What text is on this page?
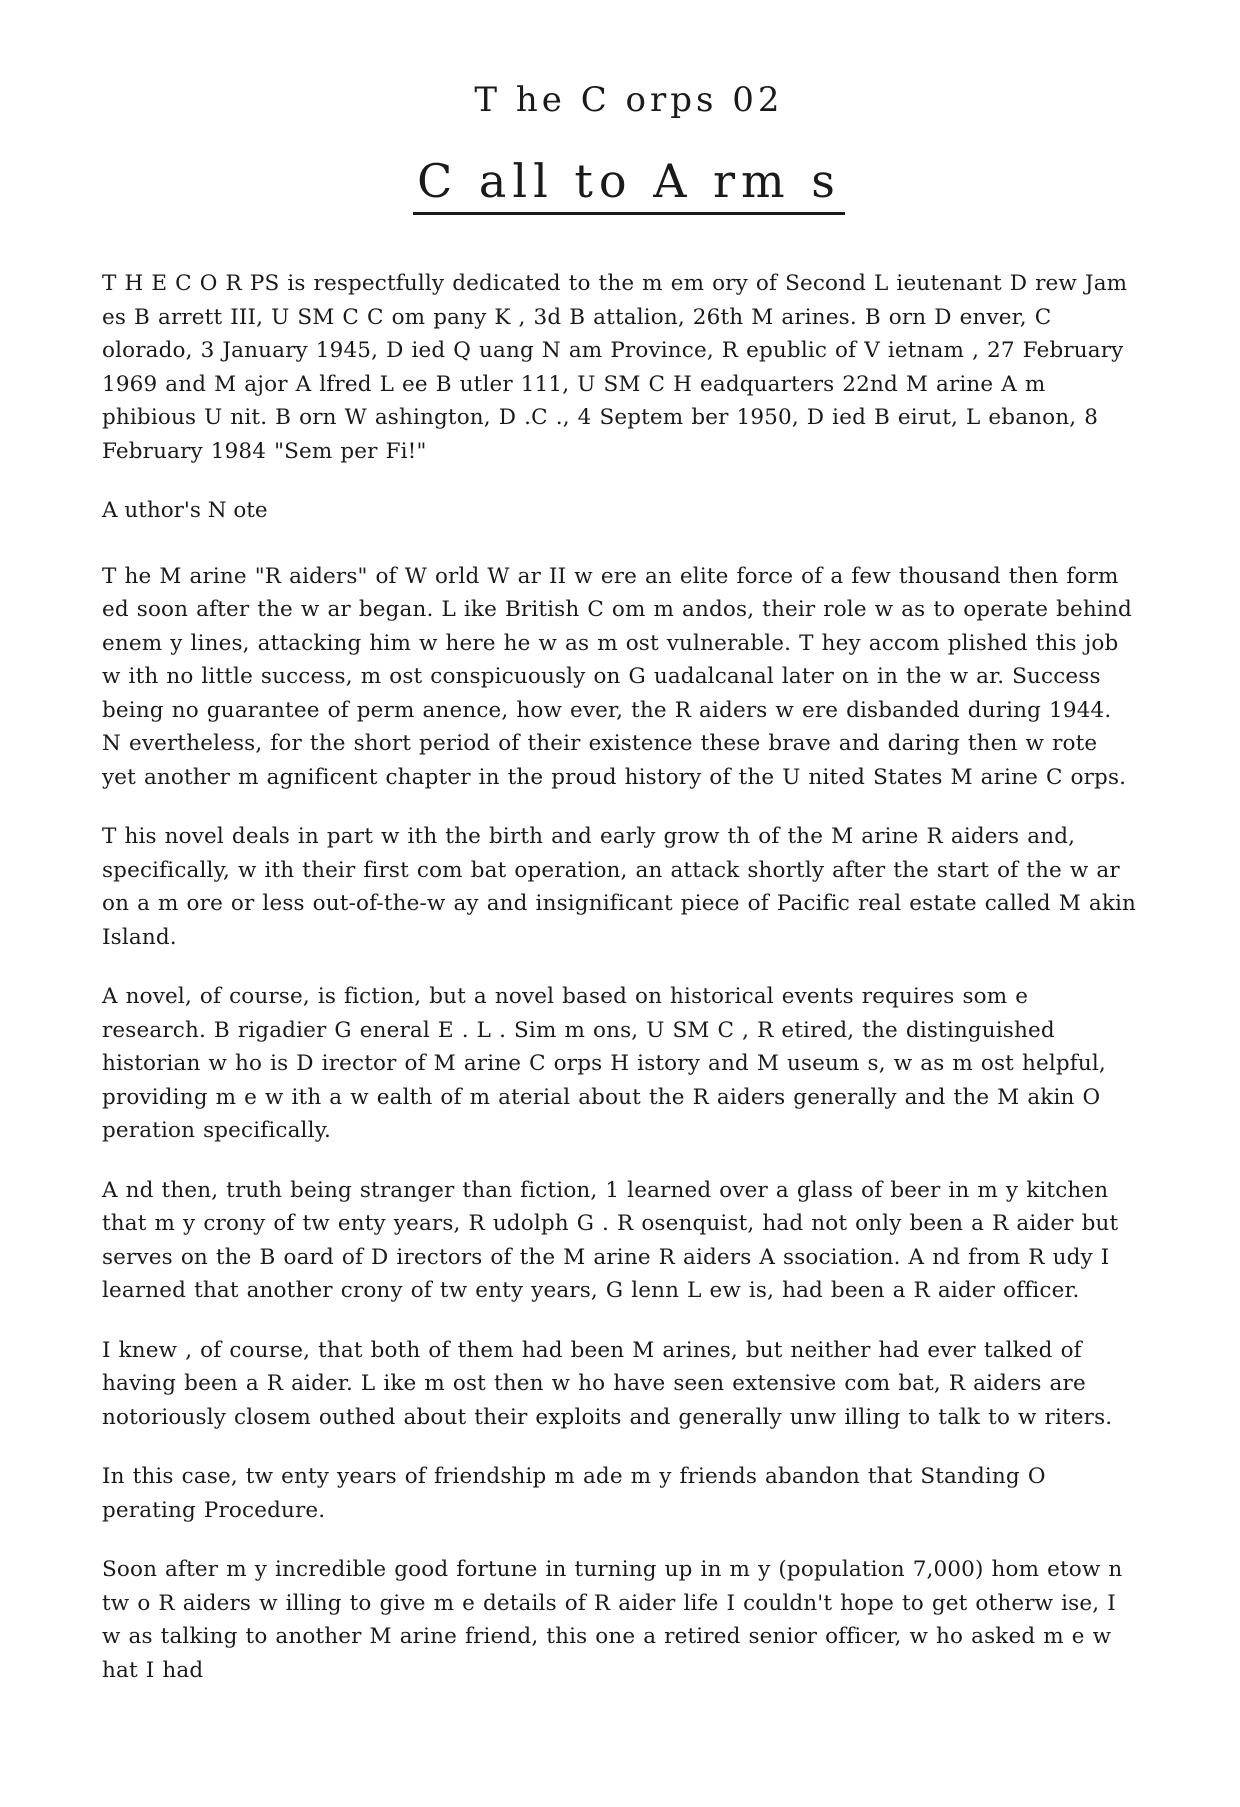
T he C orps 02
C all to A rm s

T H E C O R PS is respectfully dedicated to the m em ory of Second L ieutenant D rew Jam es B arrett III, U SM C C om pany K , 3d B attalion, 26th M arines. B orn D enver, C olorado, 3 January 1945, D ied Q uang N am Province, R epublic of V ietnam , 27 February 1969 and M ajor A lfred L ee B utler 111, U SM C H eadquarters 22nd M arine A m phibious U nit. B orn W ashington, D .C ., 4 Septem ber 1950, D ied B eirut, L ebanon, 8 February 1984 "Sem per Fi!"

A uthor's N ote

T he M arine "R aiders" of W orld W ar II w ere an elite force of a few thousand then form ed soon after the w ar began. L ike British C om m andos, their role w as to operate behind enem y lines, attacking him w here he w as m ost vulnerable. T hey accom plished this job w ith no little success, m ost conspicuously on G uadalcanal later on in the w ar. Success being no guarantee of perm anence, how ever, the R aiders w ere disbanded during 1944. N evertheless, for the short period of their existence these brave and daring then w rote yet another m agnificent chapter in the proud history of the U nited States M arine C orps.

T his novel deals in part w ith the birth and early grow th of the M arine R aiders and, specifically, w ith their first com bat operation, an attack shortly after the start of the w ar on a m ore or less out-of-the-w ay and insignificant piece of Pacific real estate called M akin Island.

A novel, of course, is fiction, but a novel based on historical events requires som e research. B rigadier G eneral E . L . Sim m ons, U SM C , R etired, the distinguished historian w ho is D irector of M arine C orps H istory and M useum s, w as m ost helpful, providing m e w ith a w ealth of m aterial about the R aiders generally and the M akin O peration specifically.

A nd then, truth being stranger than fiction, 1 learned over a glass of beer in m y kitchen that m y crony of tw enty years, R udolph G . R osenquist, had not only been a R aider but serves on the B oard of D irectors of the M arine R aiders A ssociation. A nd from R udy I learned that another crony of tw enty years, G lenn L ew is, had been a R aider officer.

I knew , of course, that both of them had been M arines, but neither had ever talked of having been a R aider. L ike m ost then w ho have seen extensive com bat, R aiders are notoriously closem outhed about their exploits and generally unw illing to talk to w riters.

In this case, tw enty years of friendship m ade m y friends abandon that Standing O perating Procedure.

Soon after m y incredible good fortune in turning up in m y (population 7,000) hom etow n tw o R aiders w illing to give m e details of R aider life I couldn't hope to get otherw ise, I w as talking to another M arine friend, this one a retired senior officer, w ho asked m e w hat I had
